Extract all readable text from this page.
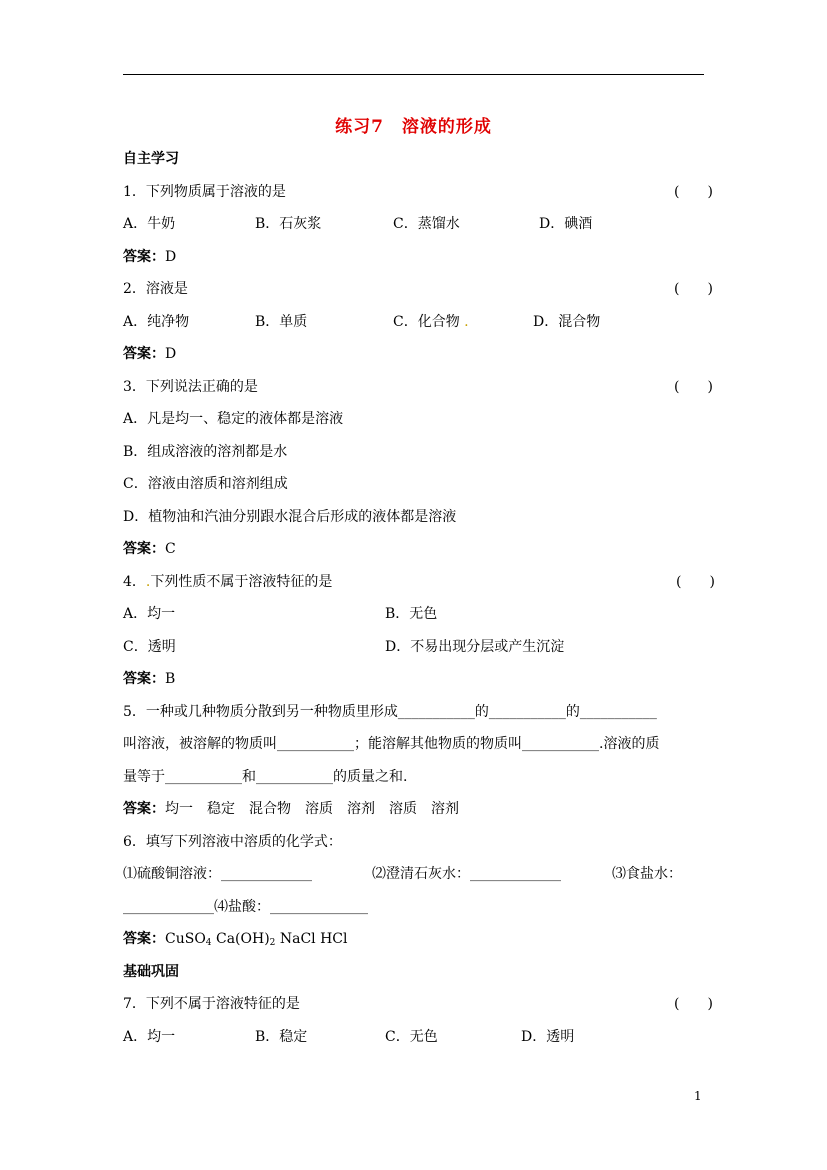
练习7　溶液的形成
自主学习
1．下列物质属于溶液的是	(　　)
A．牛奶	B．石灰浆	C．蒸馏水	D．碘酒
答案：D
2．溶液是	(　　)
A．纯净物	B．单质	C．化合物 .	D．混合物
答案：D
3．下列说法正确的是	(　　)
A．凡是均一、稳定的液体都是溶液
B．组成溶液的溶剂都是水
C．溶液由溶质和溶剂组成
D．植物油和汽油分别跟水混合后形成的液体都是溶液
答案：C
4．.下列性质不属于溶液特征的是	(　　)
A．均一	B．无色
C．透明	D．不易出现分层或产生沉淀
答案：B
5．一种或几种物质分散到另一种物质里形成___________的___________的___________
叫溶液，被溶解的物质叫___________；能溶解其他物质的物质叫___________.溶液的质
量等于___________和___________的质量之和.
答案：均一　稳定　混合物　溶质　溶剂　溶质　溶剂
6．填写下列溶液中溶质的化学式：
⑴硫酸铜溶液：_____________	⑵澄清石灰水：_____________	⑶食盐水：
_____________⑷盐酸：______________
答案：CuSO$_4$ $Ca(OH)_2$ NaCl HCl
基础巩固
7．下列不属于溶液特征的是	(　　)
A．均一	B．稳定	C．无色	D．透明
1
